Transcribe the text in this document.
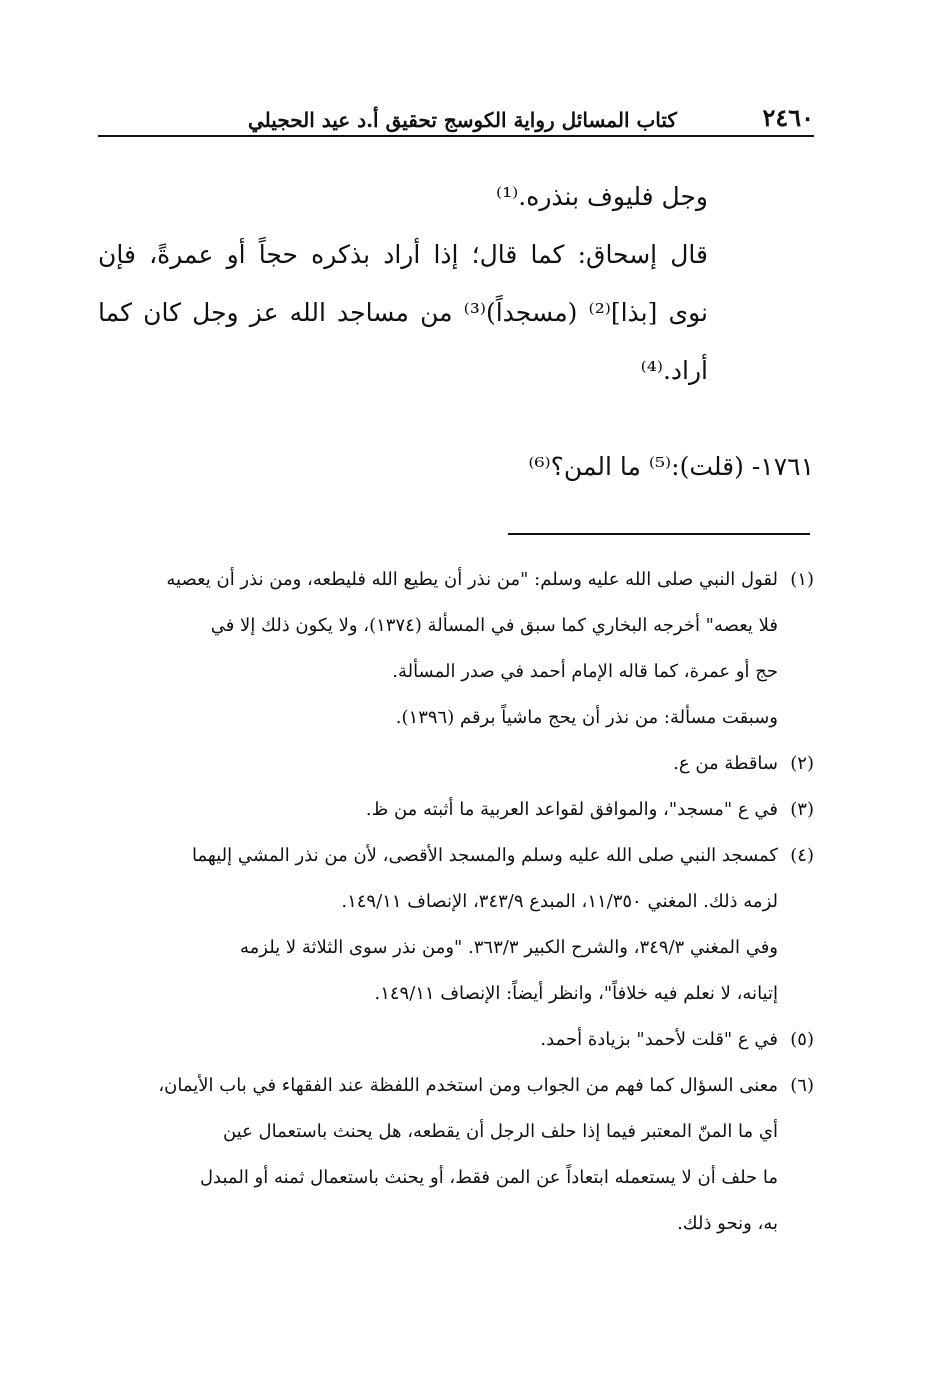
٢٤٦٠
كتاب المسائل رواية الكوسج تحقيق أ.د عيد الحجيلي
وجل فليوف بنذره.⁽¹⁾
قال إسحاق: كما قال؛ إذا أراد بذكره حجاً أو عمرةً، فإن
نوى [بذا]⁽²⁾ (مسجداً)⁽³⁾ من مساجد الله عز وجل كان كما
أراد.⁽⁴⁾
١٧٦١- (قلت):⁽⁵⁾ ما المن؟⁽⁶⁾
(١)
لقول النبي صلى الله عليه وسلم: "من نذر أن يطيع الله فليطعه، ومن نذر أن يعصيه
فلا يعصه" أخرجه البخاري كما سبق في المسألة (١٣٧٤)، ولا يكون ذلك إلا في
حج أو عمرة، كما قاله الإمام أحمد في صدر المسألة.
وسبقت مسألة: من نذر أن يحج ماشياً برقم (١٣٩٦).
(٢)
ساقطة من ع.
(٣)
في ع "مسجد"، والموافق لقواعد العربية ما أثبته من ظ.
(٤)
كمسجد النبي صلى الله عليه وسلم والمسجد الأقصى، لأن من نذر المشي إليهما
لزمه ذلك. المغني ١١/٣٥٠، المبدع ٣٤٣/٩، الإنصاف ١٤٩/١١.
وفي المغني ٣٤٩/٣، والشرح الكبير ٣٦٣/٣. "ومن نذر سوى الثلاثة لا يلزمه
إتيانه، لا نعلم فيه خلافاً"، وانظر أيضاً: الإنصاف ١٤٩/١١.
(٥)
في ع "قلت لأحمد" بزيادة أحمد.
(٦)
معنى السؤال كما فهم من الجواب ومن استخدم اللفظة عند الفقهاء في باب الأيمان،
أي ما المنّ المعتبر فيما إذا حلف الرجل أن يقطعه، هل يحنث باستعمال عين
ما حلف أن لا يستعمله ابتعاداً عن المن فقط، أو يحنث باستعمال ثمنه أو المبدل
به، ونحو ذلك.
